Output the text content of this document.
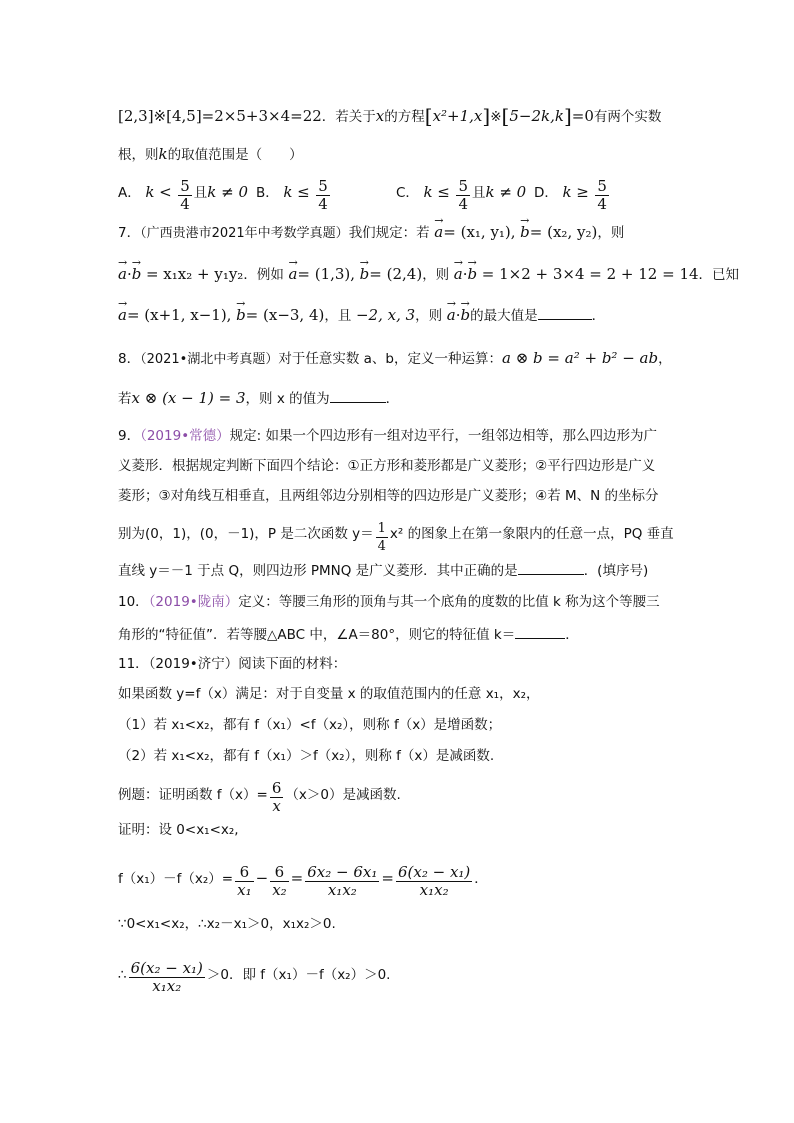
[2,3]※[4,5]=2×5+3×4=22．若关于x的方程[x²+1,x]※[5−2k,k]=0有两个实数
根，则k的取值范围是（　　）
A． $k < \frac{5}{4}$ 且k ≠ 0 B． $k \le \frac{5}{4}$	C． $k \le \frac{5}{4}$ 且k ≠ 0 D． $k \ge \frac{5}{4}$
7．（广西贵港市2021年中考数学真题）我们规定：若 → a= (x₁, y₁), → b= (x₂, y₂)，则
→ a·→ b = x₁x₂ + y₁y₂．例如 → a= (1,3), → b= (2,4)，则 → a·→ b = 1×2 + 3×4 = 2 + 12 = 14．已知
→ a= (x+1, x−1), → b= (x−3, 4)，且 −2, x, 3，则 → a·→ b的最大值是	．
8．（2021•湖北中考真题）对于任意实数 a、b，定义一种运算：a ⊗ b = a² + b² − ab，
若x ⊗ (x − 1) = 3，则 x 的值为	．
9．（2019•常德）规定: 如果一个四边形有一组对边平行，一组邻边相等，那么四边形为广
义菱形．根据规定判断下面四个结论：①正方形和菱形都是广义菱形；②平行四边形是广义
菱形；③对角线互相垂直，且两组邻边分别相等的四边形是广义菱形；④若 M、N 的坐标分
别为(0，1)，(0，－1)，P 是二次函数 $y= \frac{1}{4} x^2$ 的图象上在第一象限内的任意一点，PQ 垂直
直线 y＝－1 于点 Q，则四边形 PMNQ 是广义菱形．其中正确的是	．(填序号)
10．（2019•陇南）定义：等腰三角形的顶角与其一个底角的度数的比值 k 称为这个等腰三
角形的“特征值”．若等腰△ABC 中，∠A＝80°，则它的特征值 k＝	．
11．（2019•济宁）阅读下面的材料：
如果函数 y=f（x）满足：对于自变量 x 的取值范围内的任意 x₁，x₂，
（1）若 x₁<x₂，都有 f（x₁）<f（x₂），则称 f（x）是增函数；
（2）若 x₁<x₂，都有 f（x₁）＞f（x₂），则称 f（x）是减函数.
例题：证明函数 $f(x)= \frac{6}{x} (x>0)$是减函数.
证明：设 0<x₁<x₂,
$f(x_1)-f(x_2)= \frac{6}{\text{x₁}} - \frac{6}{\text{x₂}} = \frac{\text{6x₂ − 6x₁}}{\text{x₁x₂}} = \frac{\text{6(x₂ − x₁)}}{\text{x₁x₂}}$ ．
∵0<x₁<x₂，∴x₂－x₁＞0，x₁x₂＞0.
∴ $\frac{\text{6(x₂ − x₁)}}{\text{x₁x₂}} >0$．即 f（x₁）－f（x₂）＞0.
